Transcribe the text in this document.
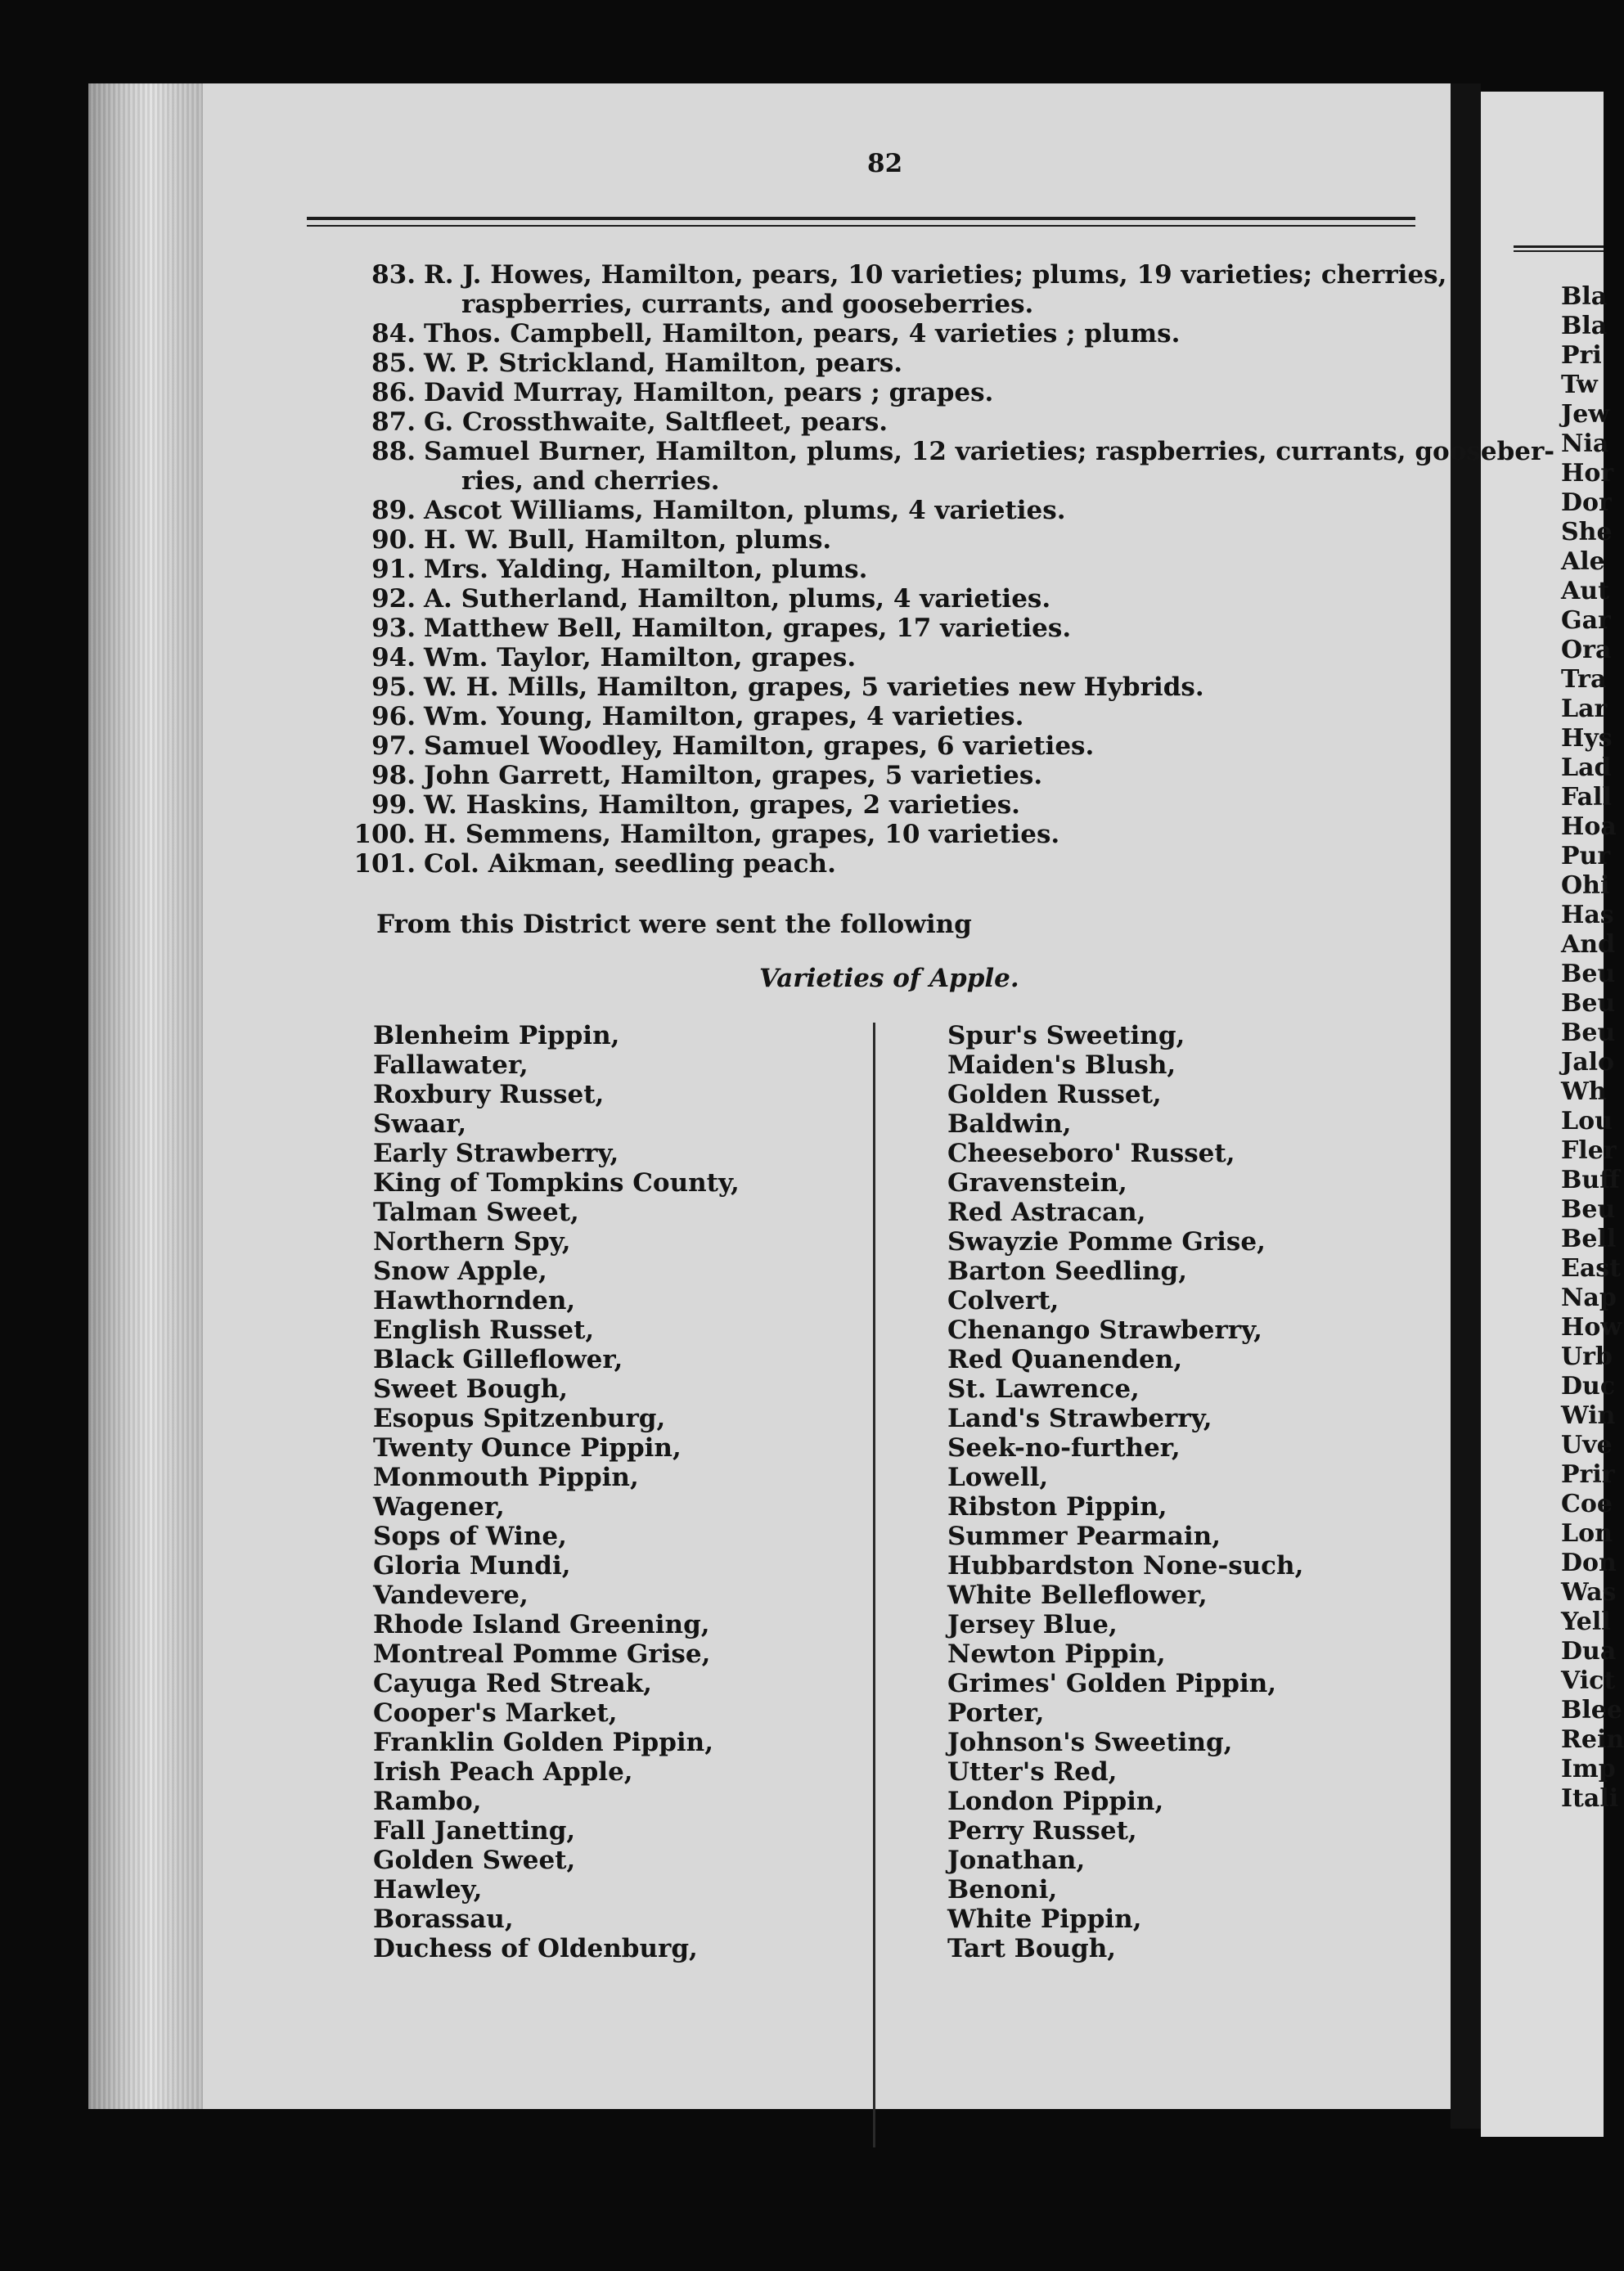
82
83. R. J. Howes, Hamilton, pears, 10 varieties; plums, 19 varieties; cherries,
raspberries, currants, and gooseberries.
84. Thos. Campbell, Hamilton, pears, 4 varieties ; plums.
85. W. P. Strickland, Hamilton, pears.
86. David Murray, Hamilton, pears ; grapes.
87. G. Crossthwaite, Saltfleet, pears.
88. Samuel Burner, Hamilton, plums, 12 varieties; raspberries, currants, gooseber-
ries, and cherries.
89. Ascot Williams, Hamilton, plums, 4 varieties.
90. H. W. Bull, Hamilton, plums.
91. Mrs. Yalding, Hamilton, plums.
92. A. Sutherland, Hamilton, plums, 4 varieties.
93. Matthew Bell, Hamilton, grapes, 17 varieties.
94. Wm. Taylor, Hamilton, grapes.
95. W. H. Mills, Hamilton, grapes, 5 varieties new Hybrids.
96. Wm. Young, Hamilton, grapes, 4 varieties.
97. Samuel Woodley, Hamilton, grapes, 6 varieties.
98. John Garrett, Hamilton, grapes, 5 varieties.
99. W. Haskins, Hamilton, grapes, 2 varieties.
100. H. Semmens, Hamilton, grapes, 10 varieties.
101. Col. Aikman, seedling peach.
From this District were sent the following
Varieties of Apple.
Blenheim Pippin,
Fallawater,
Roxbury Russet,
Swaar,
Early Strawberry,
King of Tompkins County,
Talman Sweet,
Northern Spy,
Snow Apple,
Hawthornden,
English Russet,
Black Gilleflower,
Sweet Bough,
Esopus Spitzenburg,
Twenty Ounce Pippin,
Monmouth Pippin,
Wagener,
Sops of Wine,
Gloria Mundi,
Vandevere,
Rhode Island Greening,
Montreal Pomme Grise,
Cayuga Red Streak,
Cooper's Market,
Franklin Golden Pippin,
Irish Peach Apple,
Rambo,
Fall Janetting,
Golden Sweet,
Hawley,
Borassau,
Duchess of Oldenburg,
Spur's Sweeting,
Maiden's Blush,
Golden Russet,
Baldwin,
Cheeseboro' Russet,
Gravenstein,
Red Astracan,
Swayzie Pomme Grise,
Barton Seedling,
Colvert,
Chenango Strawberry,
Red Quanenden,
St. Lawrence,
Land's Strawberry,
Seek-no-further,
Lowell,
Ribston Pippin,
Summer Pearmain,
Hubbardston None-such,
White Belleflower,
Jersey Blue,
Newton Pippin,
Grimes' Golden Pippin,
Porter,
Johnson's Sweeting,
Utter's Red,
London Pippin,
Perry Russet,
Jonathan,
Benoni,
White Pippin,
Tart Bough,
Bla
Bla
Pri
Tw
Jew
Nia
Hor
Dor
She
Ale
Aut
Gar
Ora
Tra
Lar
Hys
Lad
Fall
Hoa
Pur
Ohi
Has
And
Beu
Beu
Beu
Jalo
Wh
Lou
Fler
Buff
Beu
Bell
East
Nap
How
Urb
Duc
Win
Uve
Prir
Coe
Lon
Don
Was
Yell
Dua
Vict
Blee
Rein
Imp
Itali
